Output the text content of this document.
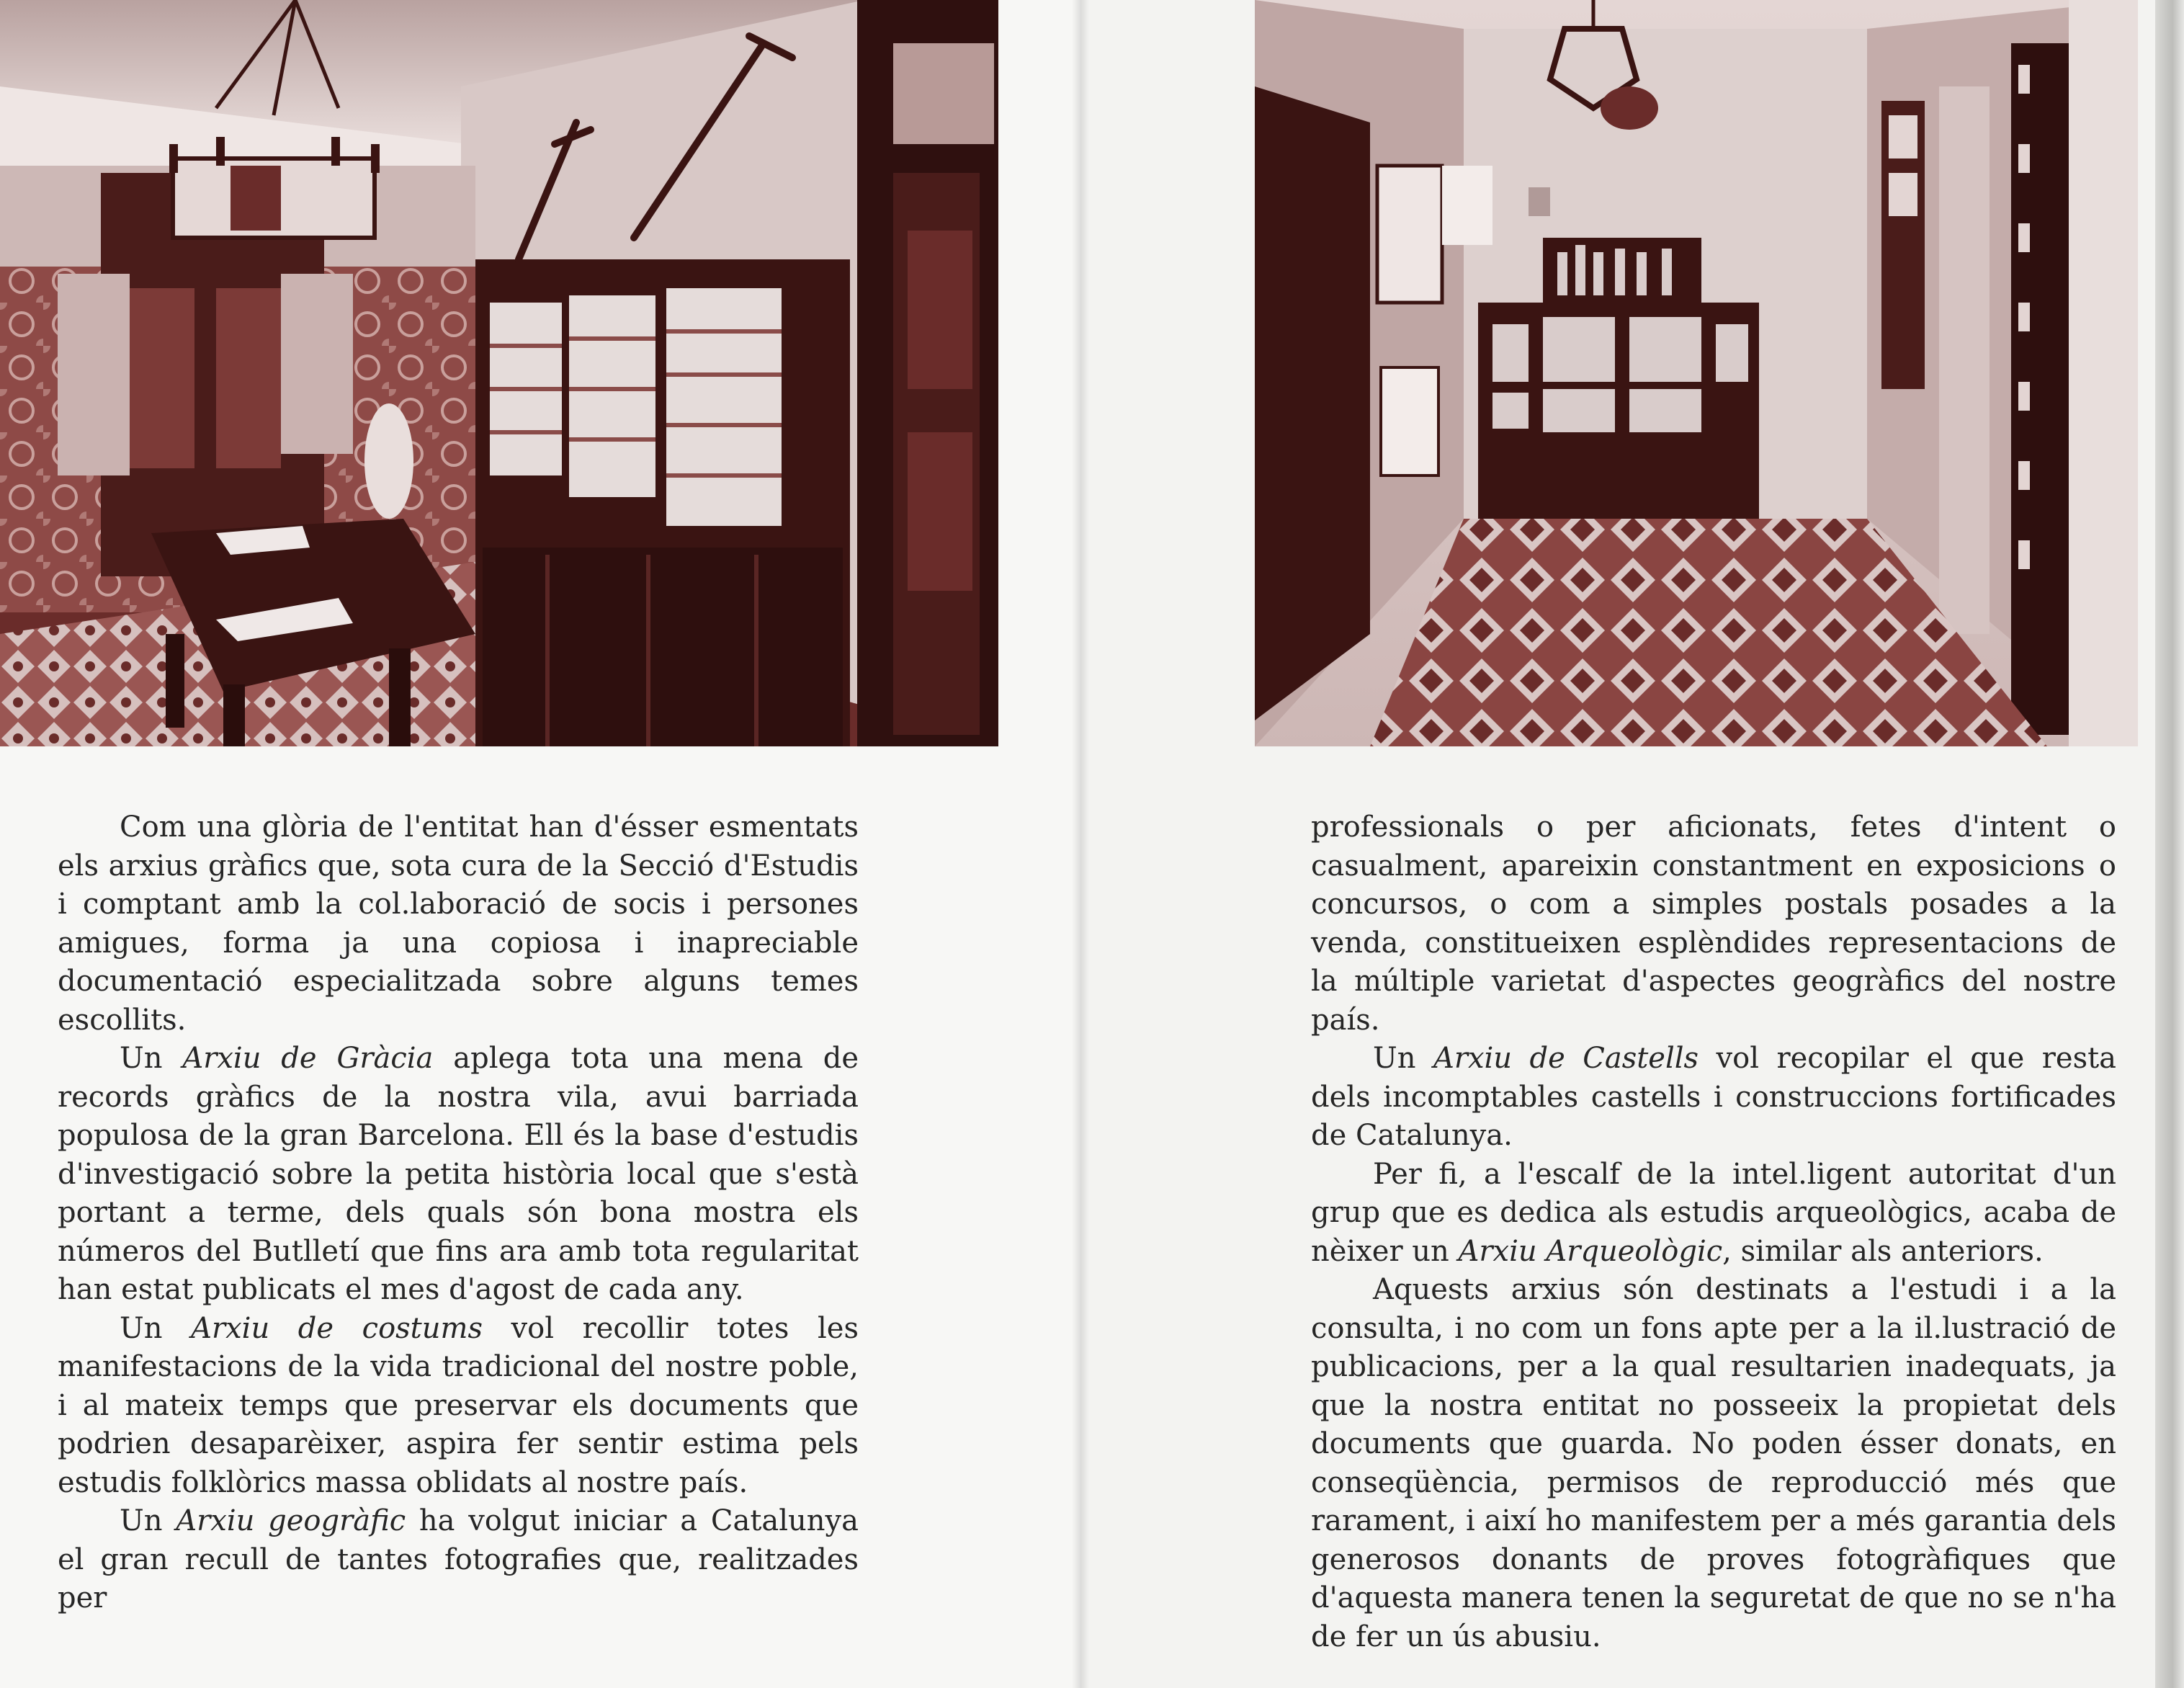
Com una glòria de l'entitat han d'ésser esmentats els arxius gràfics que, sota cura de la Secció d'Estudis i comptant amb la col.laboració de socis i persones amigues, forma ja una copiosa i inapreciable documentació especialitzada sobre alguns temes escollits.

Un Arxiu de Gràcia aplega tota una mena de records gràfics de la nostra vila, avui barriada populosa de la gran Barcelona. Ell és la base d'estudis d'investigació sobre la petita història local que s'està portant a terme, dels quals són bona mostra els números del Butlletí que fins ara amb tota regularitat han estat publicats el mes d'agost de cada any.

Un Arxiu de costums vol recollir totes les manifestacions de la vida tradicional del nostre poble, i al mateix temps que preservar els documents que podrien desaparèixer, aspira fer sentir estima pels estudis folklòrics massa oblidats al nostre país.

Un Arxiu geogràfic ha volgut iniciar a Catalunya el gran recull de tantes fotografies que, realitzades per

professionals o per aficionats, fetes d'intent o casualment, apareixin constantment en exposicions o concursos, o com a simples postals posades a la venda, constitueixen esplèndides representacions de la múltiple varietat d'aspectes geogràfics del nostre país.

Un Arxiu de Castells vol recopilar el que resta dels incomptables castells i construccions fortificades de Catalunya.

Per fi, a l'escalf de la intel.ligent autoritat d'un grup que es dedica als estudis arqueològics, acaba de nèixer un Arxiu Arqueològic, similar als anteriors.

Aquests arxius són destinats a l'estudi i a la consulta, i no com un fons apte per a la il.lustració de publicacions, per a la qual resultarien inadequats, ja que la nostra entitat no posseeix la propietat dels documents que guarda. No poden ésser donats, en conseqüència, permisos de reproducció més que rarament, i així ho manifestem per a més garantia dels generosos donants de proves fotogràfiques que d'aquesta manera tenen la seguretat de que no se n'ha de fer un ús abusiu.
